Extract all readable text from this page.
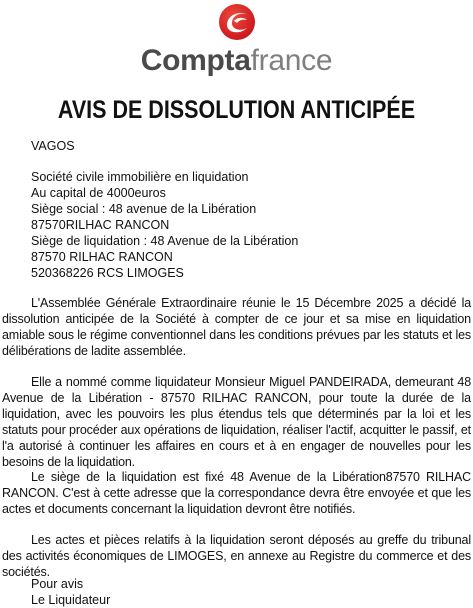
Comptafrance
AVIS DE DISSOLUTION ANTICIPÉE
VAGOS
Société civile immobilière en liquidation
Au capital de 4000euros
Siège social : 48 avenue de la Libération
87570RILHAC RANCON
Siège de liquidation : 48 Avenue de la Libération
87570 RILHAC RANCON
520368226 RCS LIMOGES
L'Assemblée Générale Extraordinaire réunie le 15 Décembre 2025 a décidé la dissolution anticipée de la Société à compter de ce jour et sa mise en liquidation amiable sous le régime conventionnel dans les conditions prévues par les statuts et les délibérations de ladite assemblée.
Elle a nommé comme liquidateur Monsieur Miguel PANDEIRADA, demeurant 48 Avenue de la Libération - 87570 RILHAC RANCON, pour toute la durée de la liquidation, avec les pouvoirs les plus étendus tels que déterminés par la loi et les statuts pour procéder aux opérations de liquidation, réaliser l'actif, acquitter le passif, et l'a autorisé à continuer les affaires en cours et à en engager de nouvelles pour les besoins de la liquidation.
Le siège de la liquidation est fixé 48 Avenue de la Libération87570 RILHAC RANCON. C'est à cette adresse que la correspondance devra être envoyée et que les actes et documents concernant la liquidation devront être notifiés.
Les actes et pièces relatifs à la liquidation seront déposés au greffe du tribunal des activités économiques de LIMOGES, en annexe au Registre du commerce et des sociétés.
Pour avis
Le Liquidateur
